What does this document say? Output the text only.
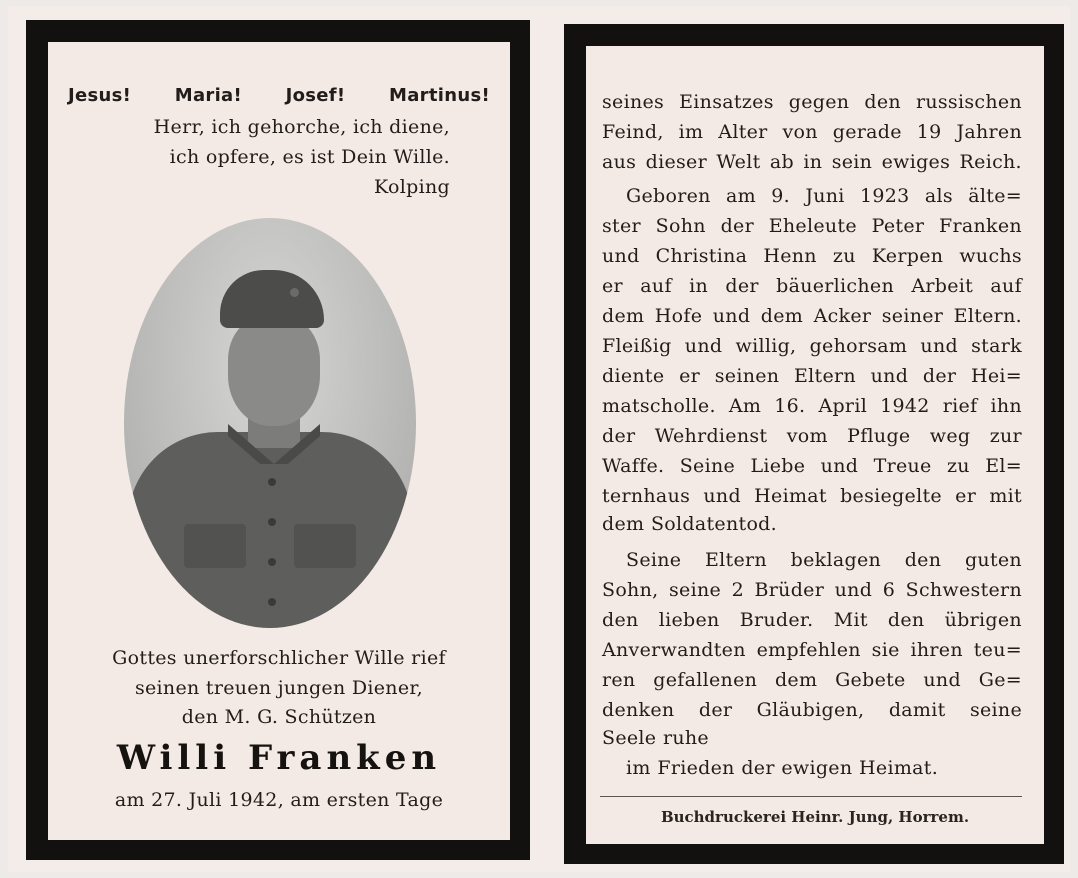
Jesus! Maria! Josef! Martinus!
Herr, ich gehorche, ich diene,
ich opfere, es ist Dein Wille.
Kolping
Gottes unerforschlicher Wille rief
seinen treuen jungen Diener,
den M. G. Schützen
Willi Franken
am 27. Juli 1942, am ersten Tage
seines Einsatzes gegen den russischen
Feind, im Alter von gerade 19 Jahren
aus dieser Welt ab in sein ewiges Reich.
Geboren am 9. Juni 1923 als älte=
ster Sohn der Eheleute Peter Franken
und Christina Henn zu Kerpen wuchs
er auf in der bäuerlichen Arbeit auf
dem Hofe und dem Acker seiner Eltern.
Fleißig und willig, gehorsam und stark
diente er seinen Eltern und der Hei=
matscholle. Am 16. April 1942 rief ihn
der Wehrdienst vom Pfluge weg zur
Waffe. Seine Liebe und Treue zu El=
ternhaus und Heimat besiegelte er mit
dem Soldatentod.
Seine Eltern beklagen den guten
Sohn, seine 2 Brüder und 6 Schwestern
den lieben Bruder. Mit den übrigen
Anverwandten empfehlen sie ihren teu=
ren gefallenen dem Gebete und Ge=
denken der Gläubigen, damit seine
Seele ruhe
im Frieden der ewigen Heimat.
Buchdruckerei Heinr. Jung, Horrem.
